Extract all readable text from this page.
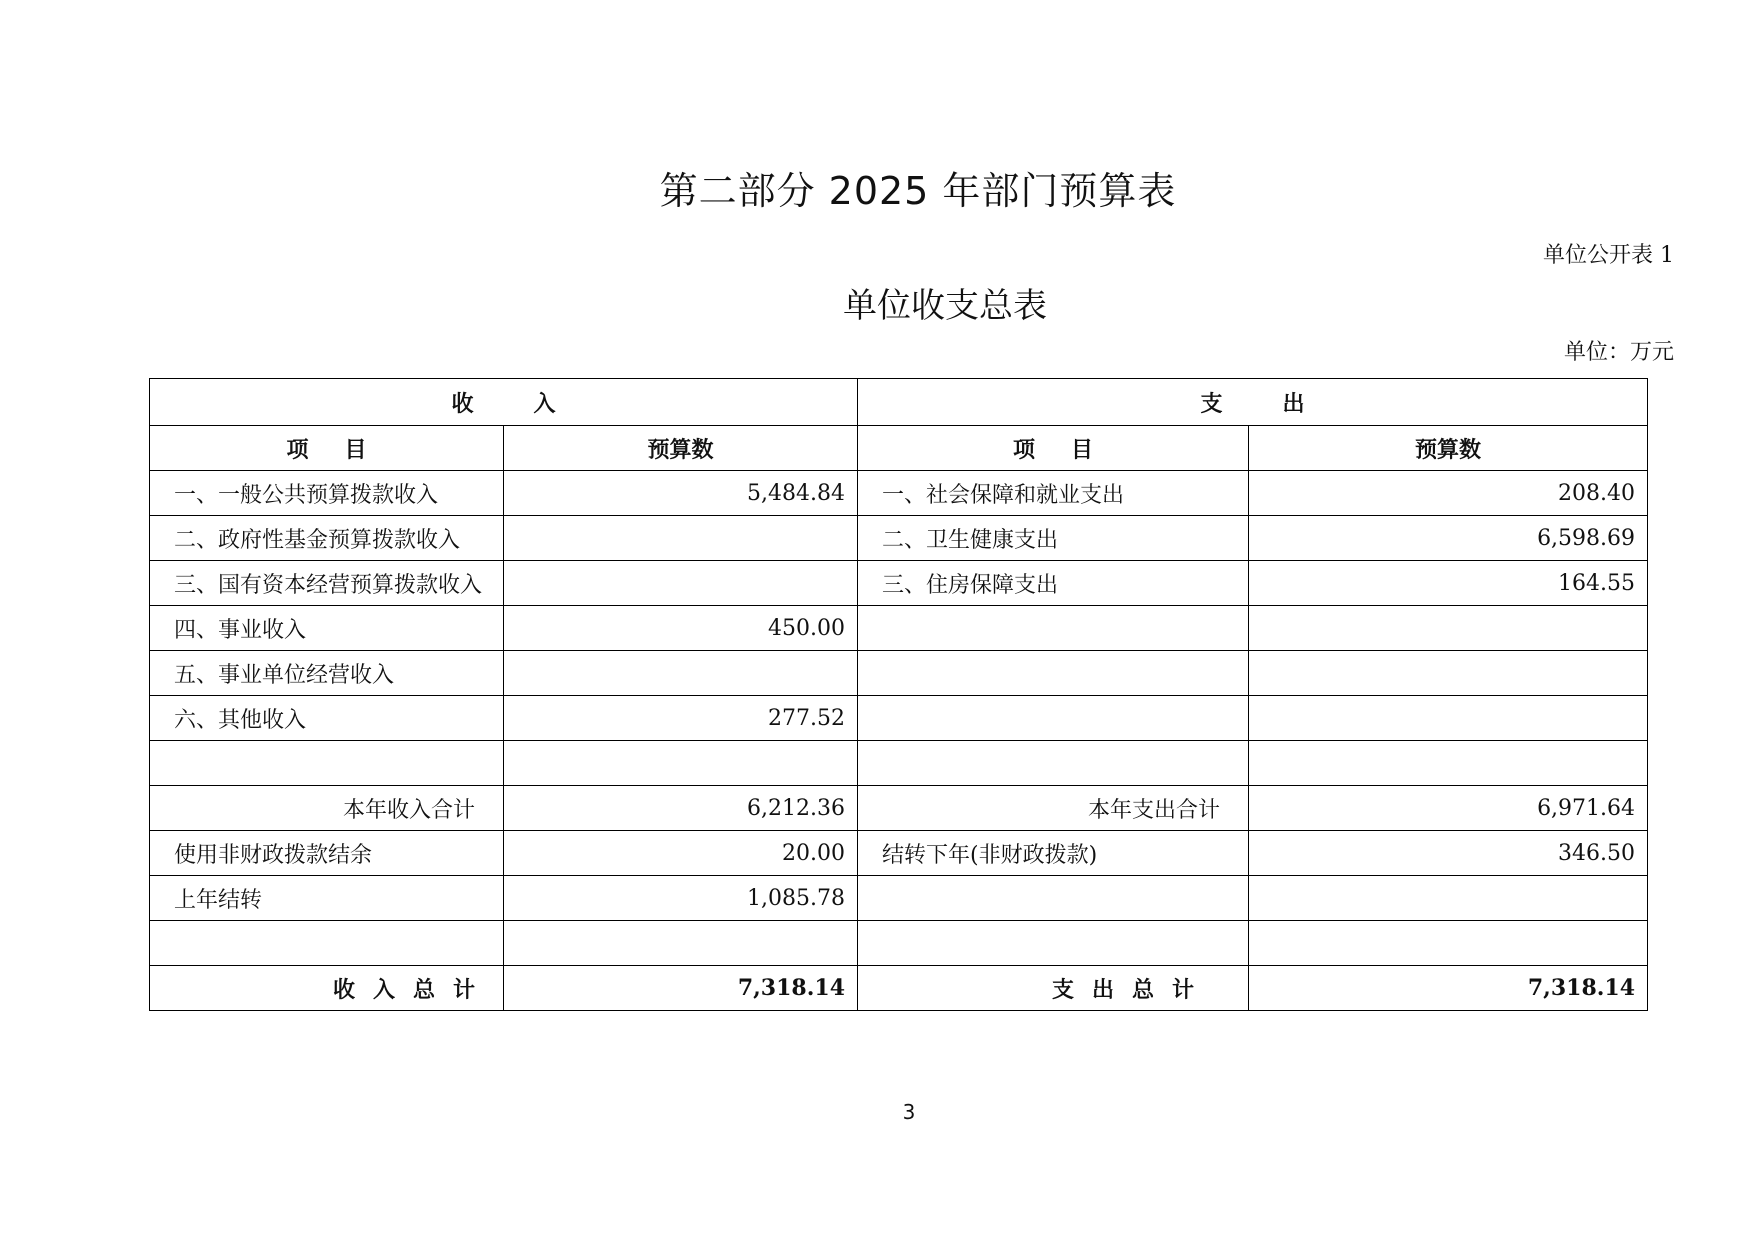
第二部分 2025 年部门预算表
单位公开表 1
单位收支总表
单位：万元
收入		支出	
项目	预算数	项目	预算数
一、一般公共预算拨款收入	5,484.84	一、社会保障和就业支出	208.40
二、政府性基金预算拨款收入		二、卫生健康支出	6,598.69
三、国有资本经营预算拨款收入		三、住房保障支出	164.55
四、事业收入	450.00		
五、事业单位经营收入			
六、其他收入	277.52		

本年收入合计	6,212.36	本年支出合计	6,971.64
使用非财政拨款结余	20.00	结转下年(非财政拨款)	346.50
上年结转	1,085.78		

收入总计	7,318.14	支出总计	7,318.14
3
